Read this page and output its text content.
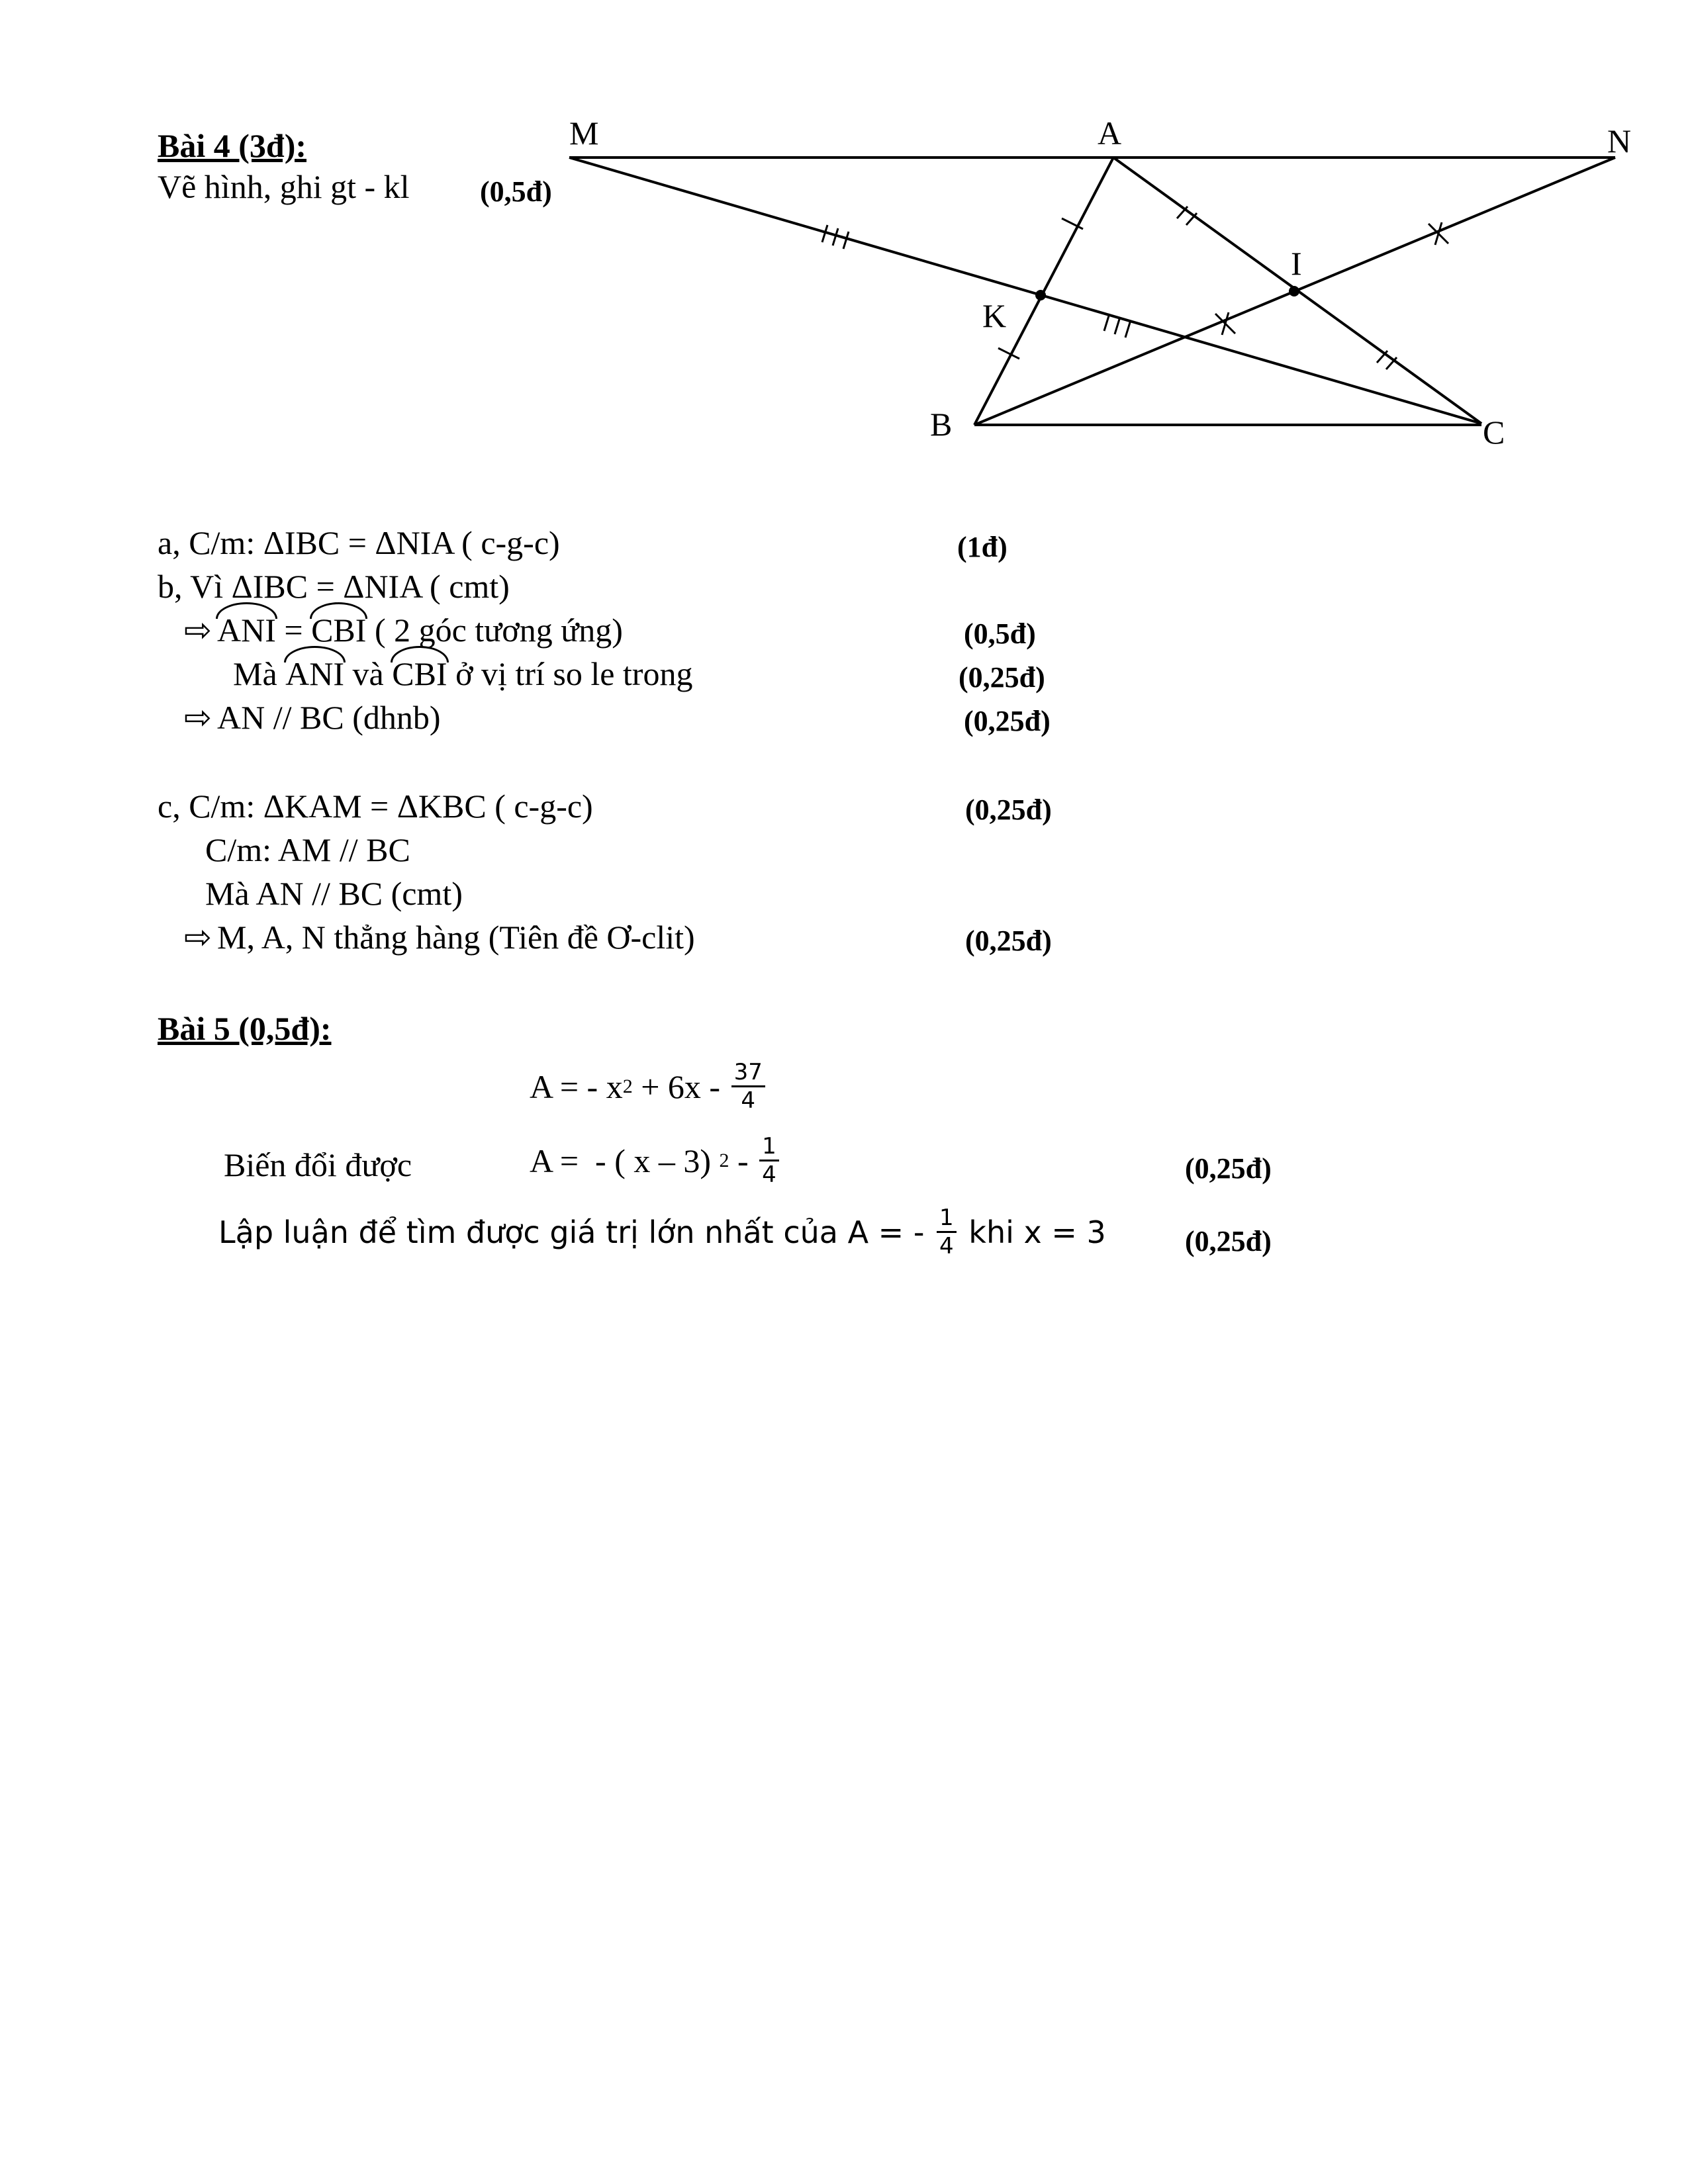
Bài 4 (3đ):
Vẽ hình, ghi gt - kl (0,5đ)
M	A	N
I
K
B	C
a, C/m: ΔIBC = ΔNIA ( c-g-c)	(1đ)
b, Vì ΔIBC = ΔNIA ( cmt)
⇨ ANI = CBI ( 2 góc tương ứng)	(0,5đ)
Mà ANI và CBI ở vị trí so le trong	(0,25đ)
⇨ AN // BC (dhnb)	(0,25đ)
c, C/m: ΔKAM = ΔKBC ( c-g-c)	(0,25đ)
C/m: AM // BC
Mà AN // BC (cmt)
⇨ M, A, N thẳng hàng (Tiên đề Ơ-clit)	(0,25đ)
Bài 5 (0,5đ):
A = - x $2 + 6x - \frac{37}{4}$
Biến đổi được	A =  - ( x – 3) $2 - \frac{1}{4}$	(0,25đ)
Lập luận để tìm được giá trị lớn nhất của A = - $\frac{1}{4}$ khi x = 3	(0,25đ)
